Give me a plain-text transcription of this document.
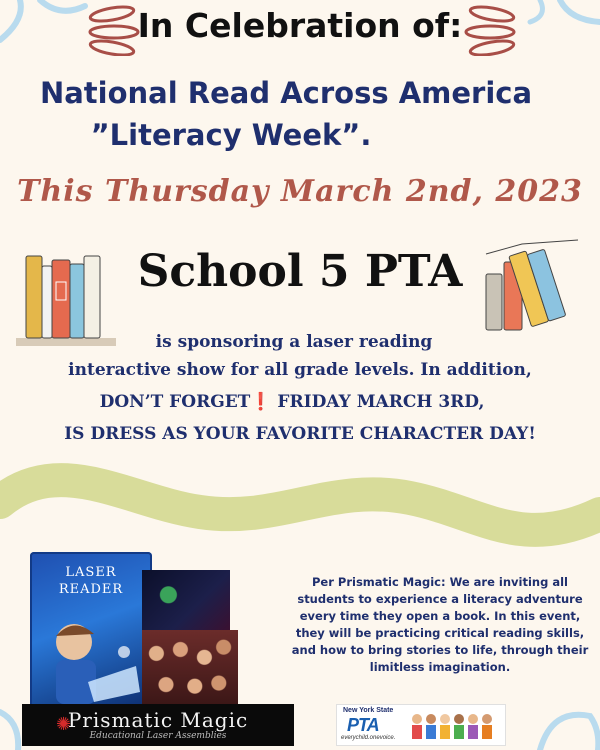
In Celebration of:
National Read Across America
”Literacy Week”.
This Thursday March 2nd, 2023
School 5 PTA
is sponsoring a laser reading
interactive show for all grade levels. In addition,
DON’T FORGET❗ FRIDAY MARCH 3RD,
IS DRESS AS YOUR FAVORITE CHARACTER DAY!
LASER
READER
✺
Prismatic Magic
Educational Laser Assemblies
Per Prismatic Magic: We are inviting all students to experience a literacy adventure every time they open a book. In this event, they will be practicing critical reading skills, and how to bring stories to life, through their limitless imagination.
New York State
PTA
everychild.onevoice.
